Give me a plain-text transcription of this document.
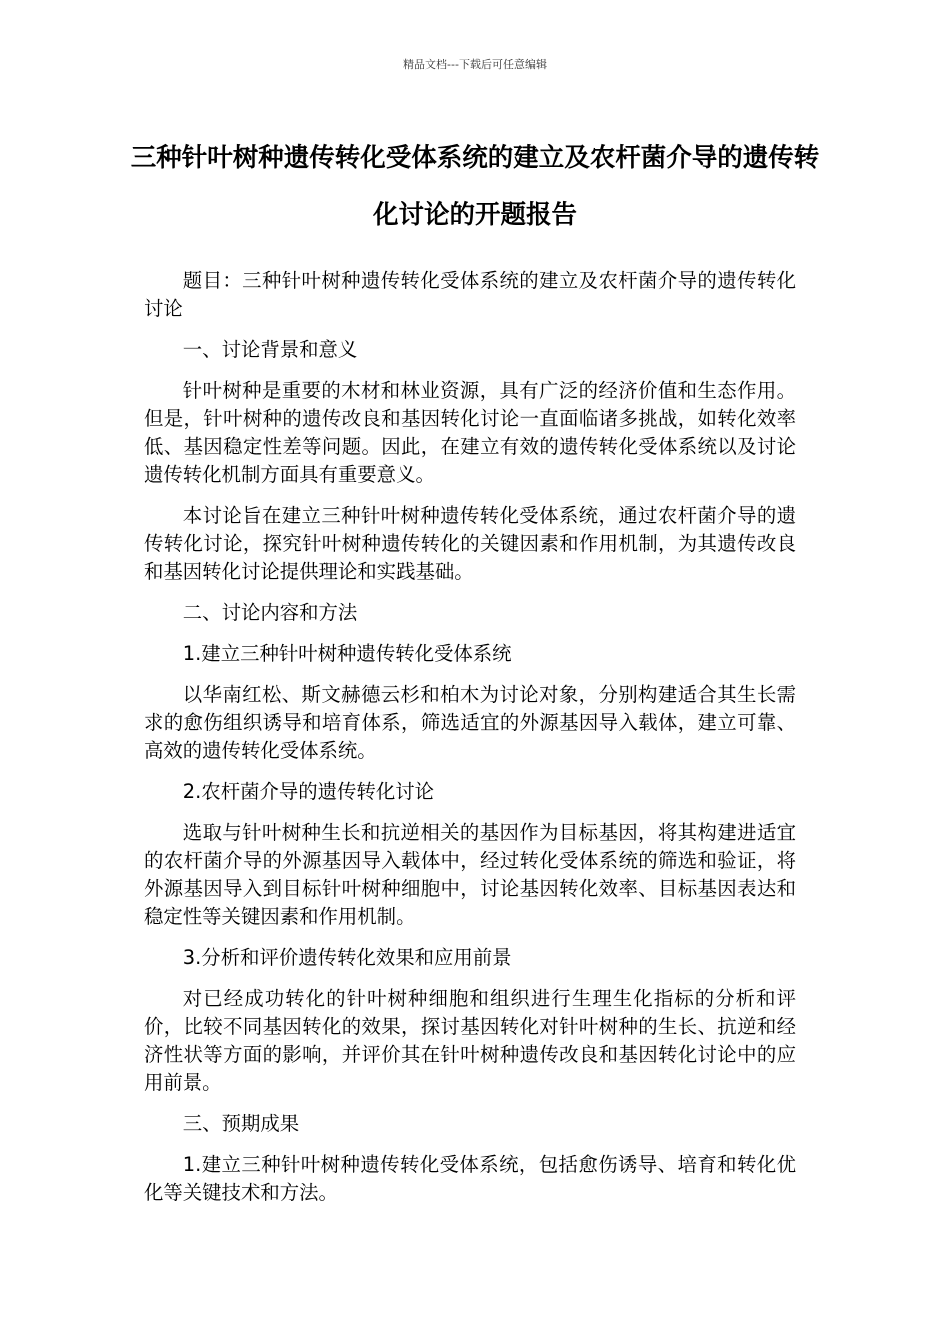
精品文档---下载后可任意编辑
三种针叶树种遗传转化受体系统的建立及农杆菌介导的遗传转化讨论的开题报告

题目：三种针叶树种遗传转化受体系统的建立及农杆菌介导的遗传转化讨论

一、讨论背景和意义

针叶树种是重要的木材和林业资源，具有广泛的经济价值和生态作用。但是，针叶树种的遗传改良和基因转化讨论一直面临诸多挑战，如转化效率低、基因稳定性差等问题。因此，在建立有效的遗传转化受体系统以及讨论遗传转化机制方面具有重要意义。

本讨论旨在建立三种针叶树种遗传转化受体系统，通过农杆菌介导的遗传转化讨论，探究针叶树种遗传转化的关键因素和作用机制，为其遗传改良和基因转化讨论提供理论和实践基础。

二、讨论内容和方法

1.建立三种针叶树种遗传转化受体系统

以华南红松、斯文赫德云杉和柏木为讨论对象，分别构建适合其生长需求的愈伤组织诱导和培育体系，筛选适宜的外源基因导入载体，建立可靠、高效的遗传转化受体系统。

2.农杆菌介导的遗传转化讨论

选取与针叶树种生长和抗逆相关的基因作为目标基因，将其构建进适宜的农杆菌介导的外源基因导入载体中，经过转化受体系统的筛选和验证，将外源基因导入到目标针叶树种细胞中，讨论基因转化效率、目标基因表达和稳定性等关键因素和作用机制。

3.分析和评价遗传转化效果和应用前景

对已经成功转化的针叶树种细胞和组织进行生理生化指标的分析和评价，比较不同基因转化的效果，探讨基因转化对针叶树种的生长、抗逆和经济性状等方面的影响，并评价其在针叶树种遗传改良和基因转化讨论中的应用前景。

三、预期成果

1.建立三种针叶树种遗传转化受体系统，包括愈伤诱导、培育和转化优化等关键技术和方法。
